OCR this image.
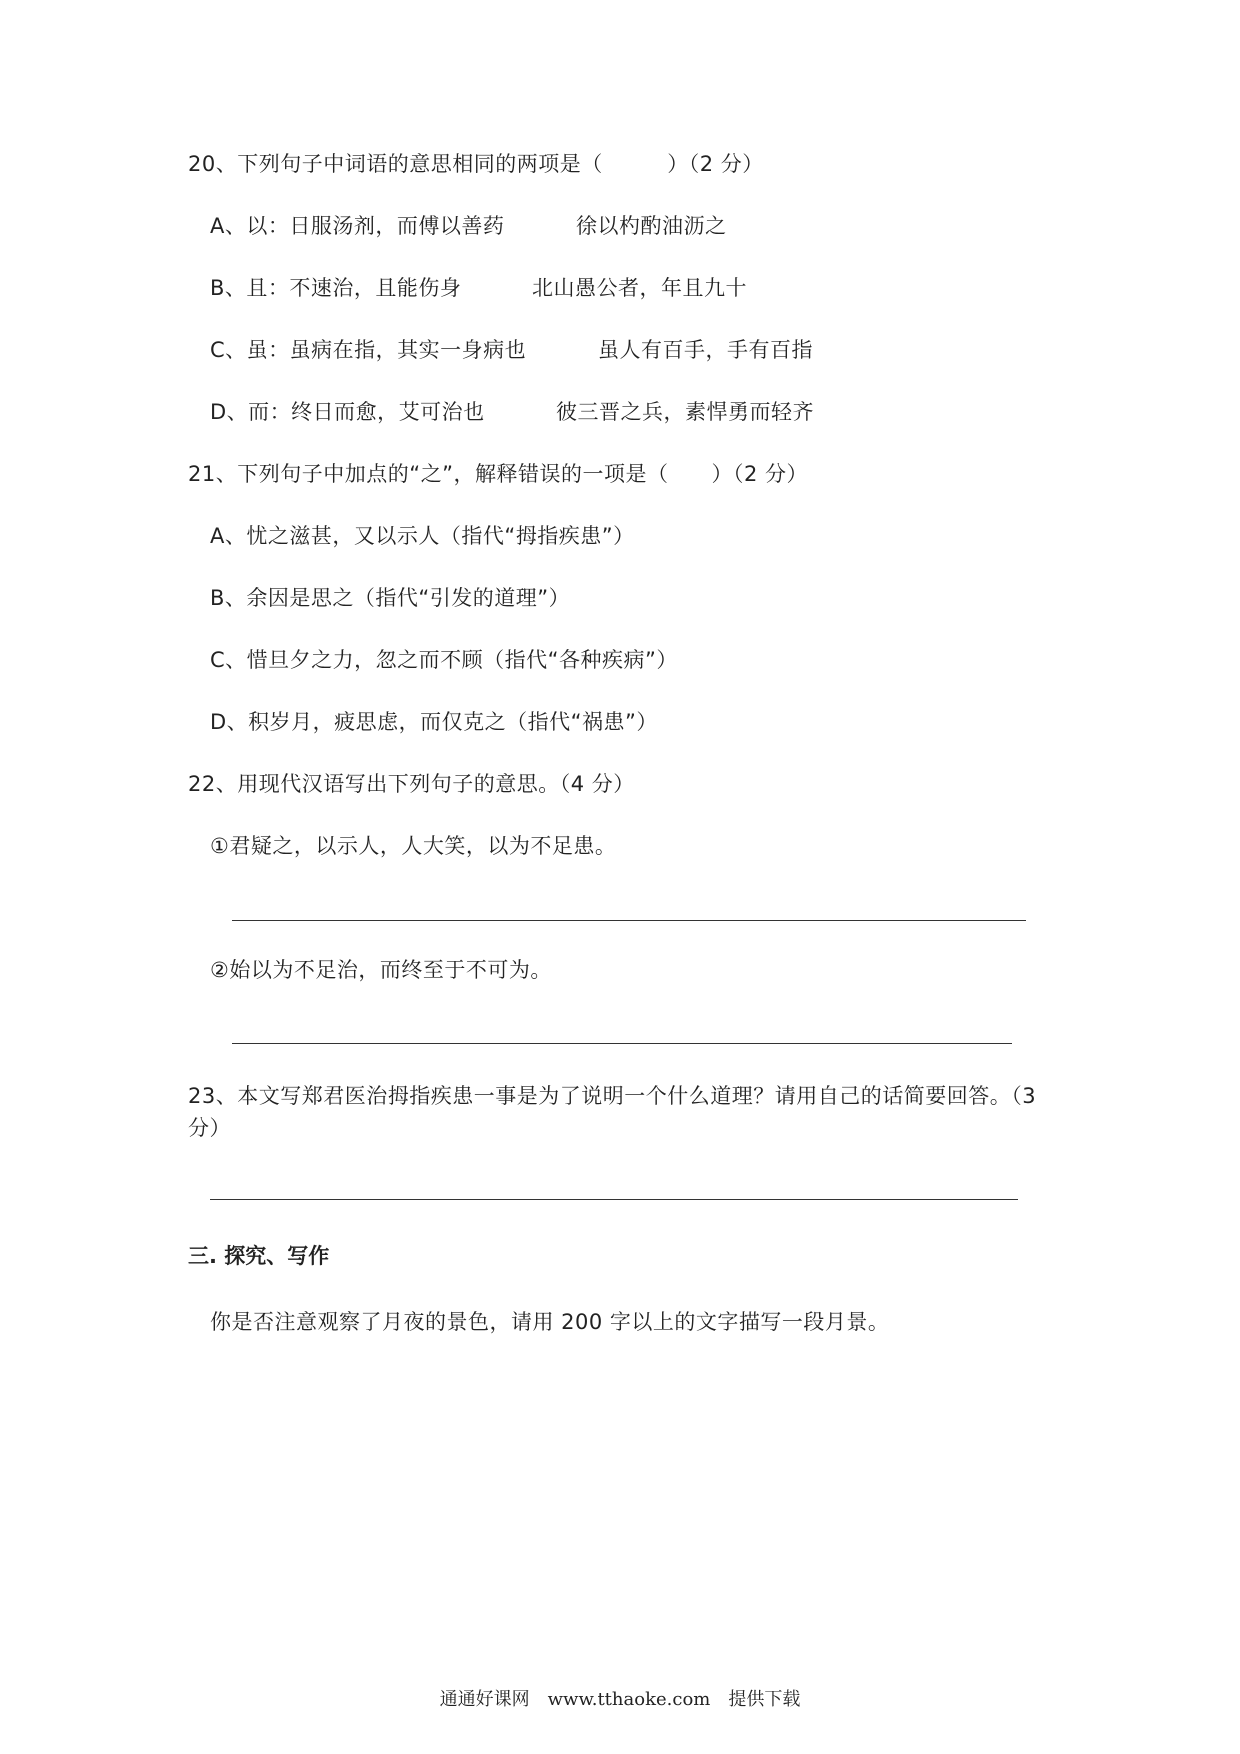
20、下列句子中词语的意思相同的两项是（　　　）（2 分）
A、以：日服汤剂，而傅以善药	徐以杓酌油沥之
B、且：不速治，且能伤身	北山愚公者，年且九十
C、虽：虽病在指，其实一身病也	虽人有百手，手有百指
D、而：终日而愈，艾可治也	彼三晋之兵，素悍勇而轻齐
21、下列句子中加点的“之”，解释错误的一项是（　　）（2 分）
A、忧之滋甚，又以示人（指代“拇指疾患”）
B、余因是思之（指代“引发的道理”）
C、惜旦夕之力，忽之而不顾（指代“各种疾病”）
D、积岁月，疲思虑，而仅克之（指代“祸患”）
22、用现代汉语写出下列句子的意思。（4 分）
①君疑之，以示人，人大笑，以为不足患。
②始以为不足治，而终至于不可为。
23、本文写郑君医治拇指疾患一事是为了说明一个什么道理？请用自己的话简要回答。（3
分）
三. 探究、写作
你是否注意观察了月夜的景色，请用 200 字以上的文字描写一段月景。
通通好课网　www.tthaoke.com　提供下载
